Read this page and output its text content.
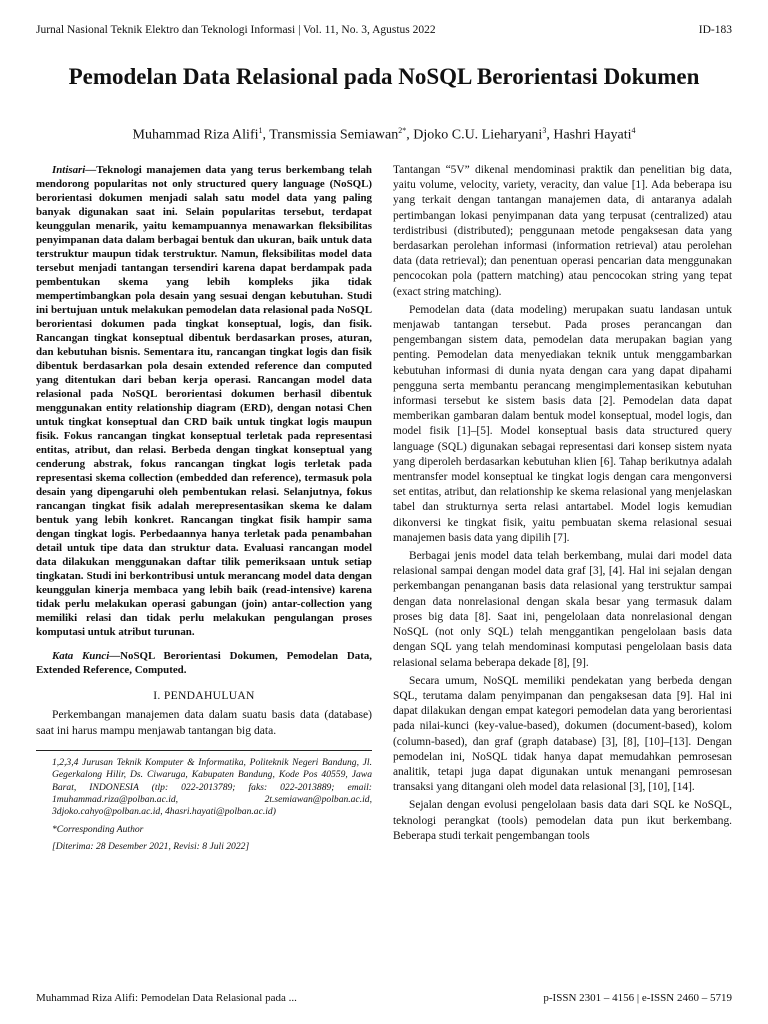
Jurnal Nasional Teknik Elektro dan Teknologi Informasi | Vol. 11, No. 3, Agustus 2022	ID-183
Pemodelan Data Relasional pada NoSQL Berorientasi Dokumen
Muhammad Riza Alifi$^1$, Transmissia Semiawan$^{2*}$, Djoko C.U. Lieharyani$^3$, Hashri Hayati$^4$

Intisari—Teknologi manajemen data yang terus berkembang telah mendorong popularitas not only structured query language (NoSQL) berorientasi dokumen menjadi salah satu model data yang paling banyak digunakan saat ini. Selain popularitas tersebut, terdapat keunggulan menarik, yaitu kemampuannya menawarkan fleksibilitas penyimpanan data dalam berbagai bentuk dan ukuran, baik untuk data terstruktur maupun tidak terstruktur. Namun, fleksibilitas model data tersebut menjadi tantangan tersendiri karena dapat berdampak pada pembentukan skema yang lebih kompleks jika tidak mempertimbangkan pola desain yang sesuai dengan kebutuhan. Studi ini bertujuan untuk melakukan pemodelan data relasional pada NoSQL berorientasi dokumen pada tingkat konseptual, logis, dan fisik. Rancangan tingkat konseptual dibentuk berdasarkan proses, aturan, dan kebutuhan bisnis. Sementara itu, rancangan tingkat logis dan fisik dibentuk berdasarkan pola desain extended reference dan computed yang ditentukan dari beban kerja operasi. Rancangan model data relasional pada NoSQL berorientasi dokumen berhasil dibentuk menggunakan entity relationship diagram (ERD), dengan notasi Chen untuk tingkat konseptual dan CRD baik untuk tingkat logis maupun fisik. Fokus rancangan tingkat konseptual terletak pada representasi entitas, atribut, dan relasi. Berbeda dengan tingkat konseptual yang cenderung abstrak, fokus rancangan tingkat logis terletak pada representasi skema collection (embedded dan reference), termasuk pola desain yang dipengaruhi oleh pembentukan relasi. Selanjutnya, fokus rancangan tingkat fisik adalah merepresentasikan skema ke dalam bentuk yang lebih konkret. Rancangan tingkat fisik hampir sama dengan tingkat logis. Perbedaannya hanya terletak pada penambahan detail untuk tipe data dan struktur data. Evaluasi rancangan model data dilakukan menggunakan daftar tilik pemeriksaan untuk setiap tingkatan. Studi ini berkontribusi untuk merancang model data dengan keunggulan kinerja membaca yang lebih baik (read-intensive) karena tidak perlu melakukan operasi gabungan (join) antar-collection yang memiliki relasi dan tidak perlu melakukan pengulangan proses komputasi untuk atribut turunan.

Kata Kunci—NoSQL Berorientasi Dokumen, Pemodelan Data, Extended Reference, Computed.

I. PENDAHULUAN

Perkembangan manajemen data dalam suatu basis data (database) saat ini harus mampu menjawab tantangan big data.

1,2,3,4 Jurusan Teknik Komputer & Informatika, Politeknik Negeri Bandung, Jl. Gegerkalong Hilir, Ds. Ciwaruga, Kabupaten Bandung, Kode Pos 40559, Jawa Barat, INDONESIA (tlp: 022-2013789; faks: 022-2013889; email: 1muhammad.riza@polban.ac.id, 2t.semiawan@polban.ac.id, 3djoko.cahyo@polban.ac.id, 4hasri.hayati@polban.ac.id)

*Corresponding Author

[Diterima: 28 Desember 2021, Revisi: 8 Juli 2022]

Tantangan “5V” dikenal mendominasi praktik dan penelitian big data, yaitu volume, velocity, variety, veracity, dan value [1]. Ada beberapa isu yang terkait dengan tantangan manajemen data, di antaranya adalah pertimbangan lokasi penyimpanan data yang terpusat (centralized) atau terdistribusi (distributed); penggunaan metode pengaksesan data yang berdasarkan perolehan informasi (information retrieval) atau perolehan data (data retrieval); dan penentuan operasi pencarian data menggunakan pencocokan pola (pattern matching) atau pencocokan string yang tepat (exact string matching).

Pemodelan data (data modeling) merupakan suatu landasan untuk menjawab tantangan tersebut. Pada proses perancangan dan pengembangan sistem data, pemodelan data merupakan bagian yang penting. Pemodelan data menyediakan teknik untuk menggambarkan kebutuhan informasi di dunia nyata dengan cara yang dapat dipahami pengguna serta membantu perancang mengimplementasikan kebutuhan informasi tersebut ke sistem basis data [2]. Pemodelan data dapat memberikan gambaran dalam bentuk model konseptual, model logis, dan model fisik [1]–[5]. Model konseptual basis data structured query language (SQL) digunakan sebagai representasi dari konsep sistem nyata yang diperoleh berdasarkan kebutuhan klien [6]. Tahap berikutnya adalah mentransfer model konseptual ke tingkat logis dengan cara mengonversi set entitas, atribut, dan relationship ke skema relasional yang menjelaskan tabel dan strukturnya serta relasi antartabel. Model logis kemudian dikonversi ke tingkat fisik, yaitu pembuatan skema relasional sesuai manajemen basis data yang dipilih [7].

Berbagai jenis model data telah berkembang, mulai dari model data relasional sampai dengan model data graf [3], [4]. Hal ini sejalan dengan perkembangan penanganan basis data relasional yang terstruktur sampai dengan data nonrelasional dengan skala besar yang termasuk dalam proses big data [8]. Saat ini, pengelolaan data nonrelasional dengan NoSQL (not only SQL) telah menggantikan pengelolaan basis data dengan SQL yang telah mendominasi komputasi pengelolaan basis data relasional selama beberapa dekade [8], [9].

Secara umum, NoSQL memiliki pendekatan yang berbeda dengan SQL, terutama dalam penyimpanan dan pengaksesan data [9]. Hal ini dapat dilakukan dengan empat kategori pemodelan data yang berorientasi pada nilai-kunci (key-value-based), dokumen (document-based), kolom (column-based), dan graf (graph database) [3], [8], [10]–[13]. Dengan pemodelan ini, NoSQL tidak hanya dapat memudahkan pemrosesan analitik, tetapi juga dapat digunakan untuk menangani pemrosesan transaksi yang ditangani oleh model data relasional [3], [10], [14].

Sejalan dengan evolusi pengelolaan basis data dari SQL ke NoSQL, teknologi perangkat (tools) pemodelan data pun ikut berkembang. Beberapa studi terkait pengembangan tools

Muhammad Riza Alifi: Pemodelan Data Relasional pada ...	p-ISSN 2301 – 4156 | e-ISSN 2460 – 5719
